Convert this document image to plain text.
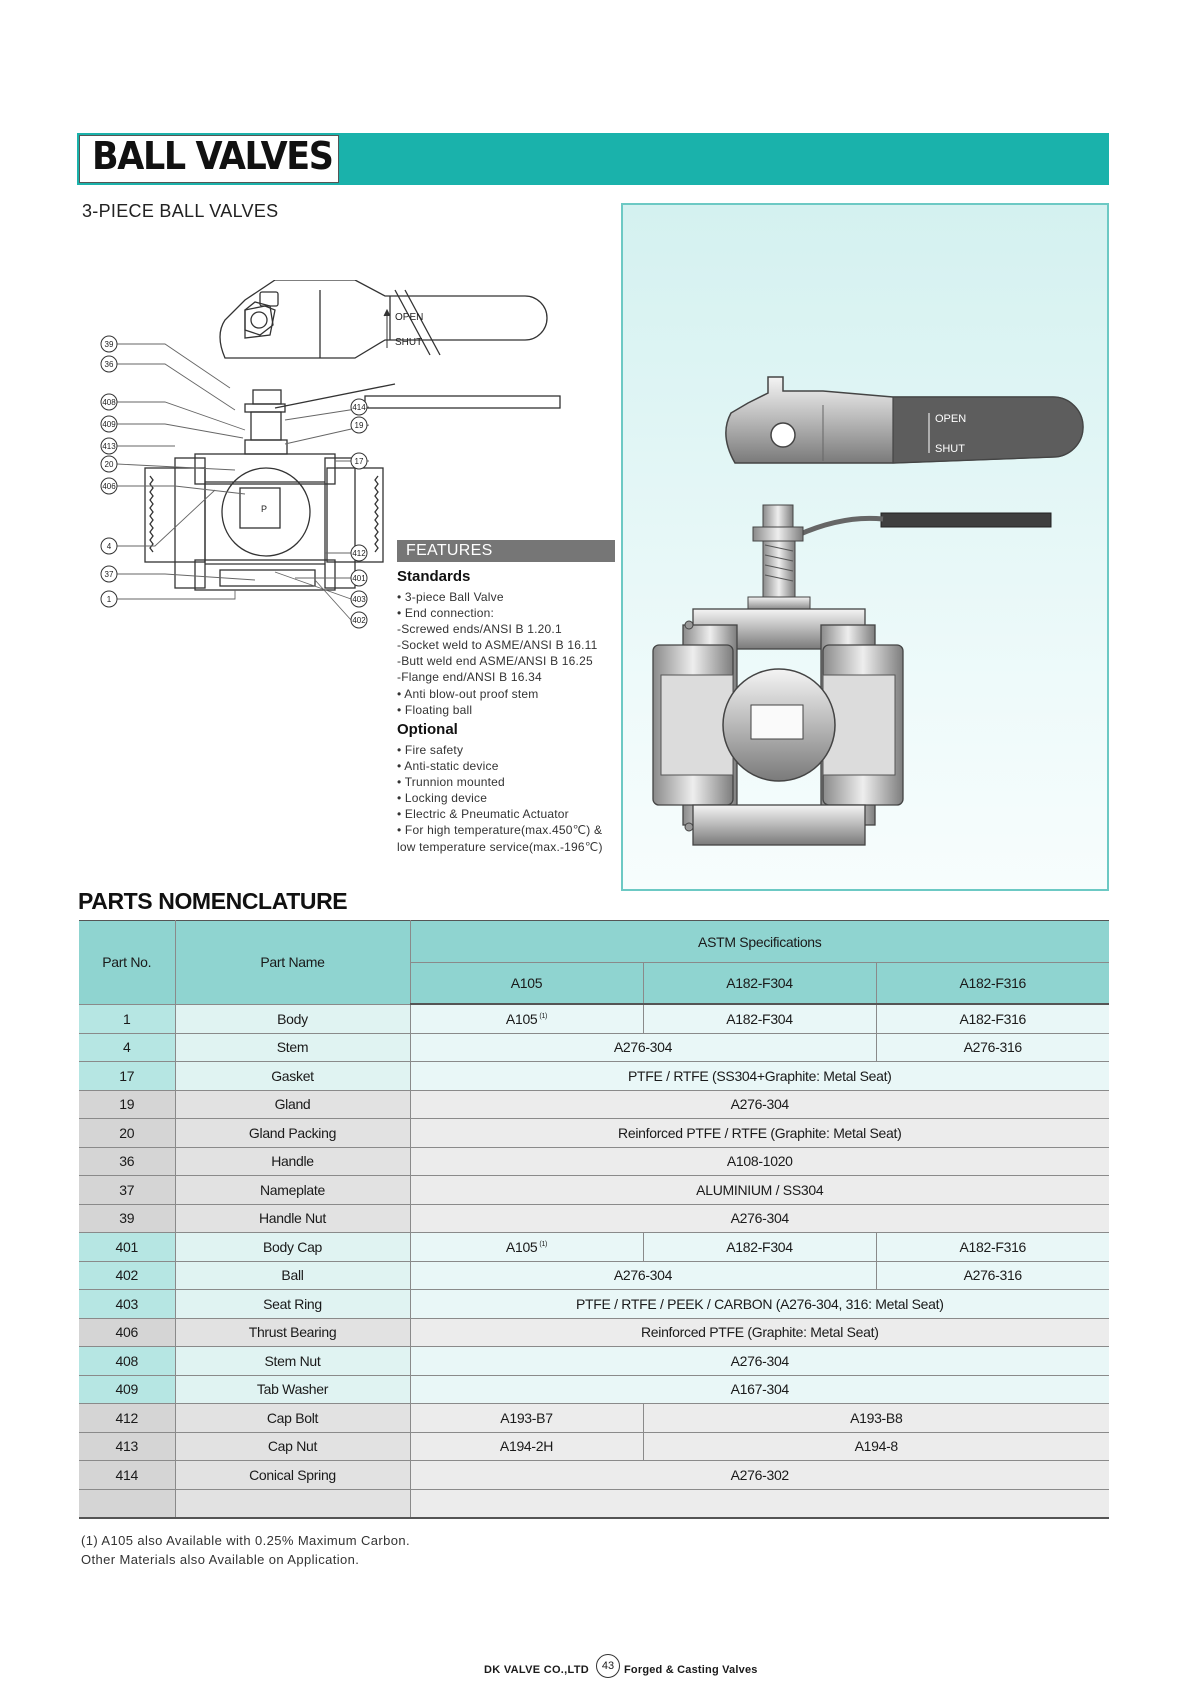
BALL VALVES
3-PIECE BALL VALVES
39
36
408
409
413
20
406
4
37
1
414
19
17
412
401
403
402
OPEN
SHUT
P
OPEN
SHUT
FEATURES
Standards
• 3-piece Ball Valve
• End connection:
-Screwed ends/ANSI B 1.20.1
-Socket weld to ASME/ANSI B 16.11
-Butt weld end ASME/ANSI B 16.25
-Flange end/ANSI B 16.34
• Anti blow-out proof stem
• Floating ball
Optional
• Fire safety
• Anti-static device
• Trunnion mounted
• Locking device
• Electric & Pneumatic Actuator
• For high temperature(max.450℃) &
low temperature service(max.-196℃)
PARTS NOMENCLATURE
Part No.	Part Name	ASTM Specifications		
		A105	A182-F304	A182-F316
1	Body	A105 $^{(1)}$	A182-F304	A182-F316
4	Stem	A276-304		A276-316
17	Gasket	PTFE / RTFE (SS304+Graphite: Metal Seat)		
19	Gland	A276-304		
20	Gland Packing	Reinforced PTFE / RTFE (Graphite: Metal Seat)		
36	Handle	A108-1020		
37	Nameplate	ALUMINIUM / SS304		
39	Handle Nut	A276-304		
401	Body Cap	A105 $^{(1)}$	A182-F304	A182-F316
402	Ball	A276-304		A276-316
403	Seat Ring	PTFE / RTFE / PEEK / CARBON (A276-304, 316: Metal Seat)		
406	Thrust Bearing	Reinforced PTFE (Graphite: Metal Seat)		
408	Stem Nut	A276-304		
409	Tab Washer	A167-304		
412	Cap Bolt	A193-B7	A193-B8	
413	Cap Nut	A194-2H	A194-8	
414	Conical Spring	A276-302		

(1) A105 also Available with 0.25% Maximum Carbon.
Other Materials also Available on Application.
DK VALVE CO.,LTD	43 Forged & Casting Valves
